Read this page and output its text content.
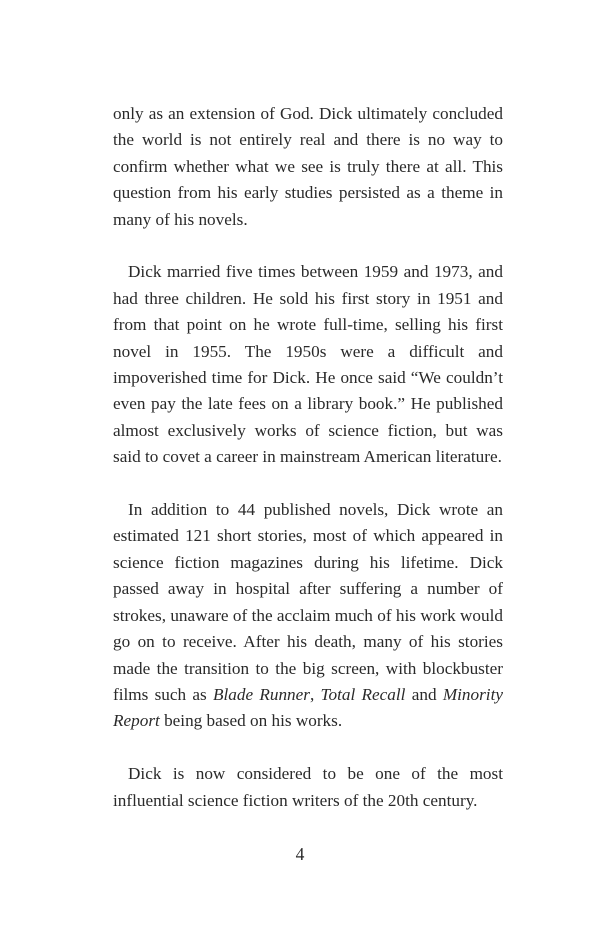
only as an extension of God. Dick ultimately concluded the world is not entirely real and there is no way to confirm whether what we see is truly there at all. This question from his early studies persisted as a theme in many of his novels.

Dick married five times between 1959 and 1973, and had three children. He sold his first story in 1951 and from that point on he wrote full-time, selling his first novel in 1955. The 1950s were a difficult and impoverished time for Dick. He once said “We couldn’t even pay the late fees on a library book.” He published almost exclusively works of science fiction, but was said to covet a career in mainstream American literature.

In addition to 44 published novels, Dick wrote an estimated 121 short stories, most of which appeared in science fiction magazines during his lifetime. Dick passed away in hospital after suffering a number of strokes, unaware of the acclaim much of his work would go on to receive. After his death, many of his stories made the transition to the big screen, with blockbuster films such as Blade Runner, Total Recall and Minority Report being based on his works.

Dick is now considered to be one of the most influential science fiction writers of the 20th century.

4
